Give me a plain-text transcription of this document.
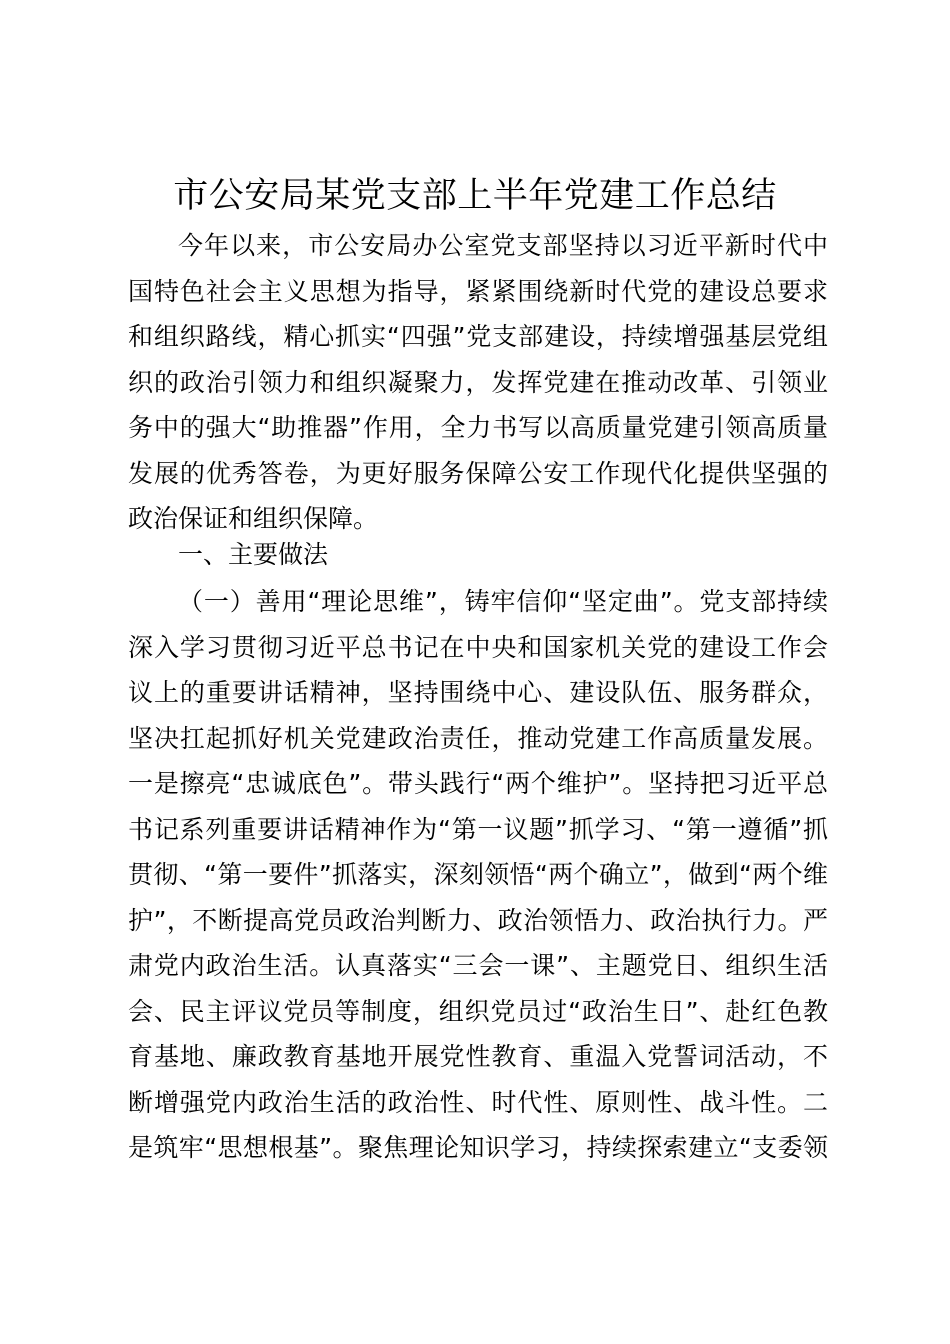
市公安局某党支部上半年党建工作总结
今年以来，市公安局办公室党支部坚持以习近平新时代中
国特色社会主义思想为指导，紧紧围绕新时代党的建设总要求
和组织路线，精心抓实“四强”党支部建设，持续增强基层党组
织的政治引领力和组织凝聚力，发挥党建在推动改革、引领业
务中的强大“助推器”作用，全力书写以高质量党建引领高质量
发展的优秀答卷，为更好服务保障公安工作现代化提供坚强的
政治保证和组织保障。
一、主要做法
（一）善用“理论思维”，铸牢信仰“坚定曲”。党支部持续
深入学习贯彻习近平总书记在中央和国家机关党的建设工作会
议上的重要讲话精神，坚持围绕中心、建设队伍、服务群众，
坚决扛起抓好机关党建政治责任，推动党建工作高质量发展。
一是擦亮“忠诚底色”。带头践行“两个维护”。坚持把习近平总
书记系列重要讲话精神作为“第一议题”抓学习、“第一遵循”抓
贯彻、“第一要件”抓落实，深刻领悟“两个确立”，做到“两个维
护”，不断提高党员政治判断力、政治领悟力、政治执行力。严
肃党内政治生活。认真落实“三会一课”、主题党日、组织生活
会、民主评议党员等制度，组织党员过“政治生日”、赴红色教
育基地、廉政教育基地开展党性教育、重温入党誓词活动，不
断增强党内政治生活的政治性、时代性、原则性、战斗性。二
是筑牢“思想根基”。聚焦理论知识学习，持续探索建立“支委领
